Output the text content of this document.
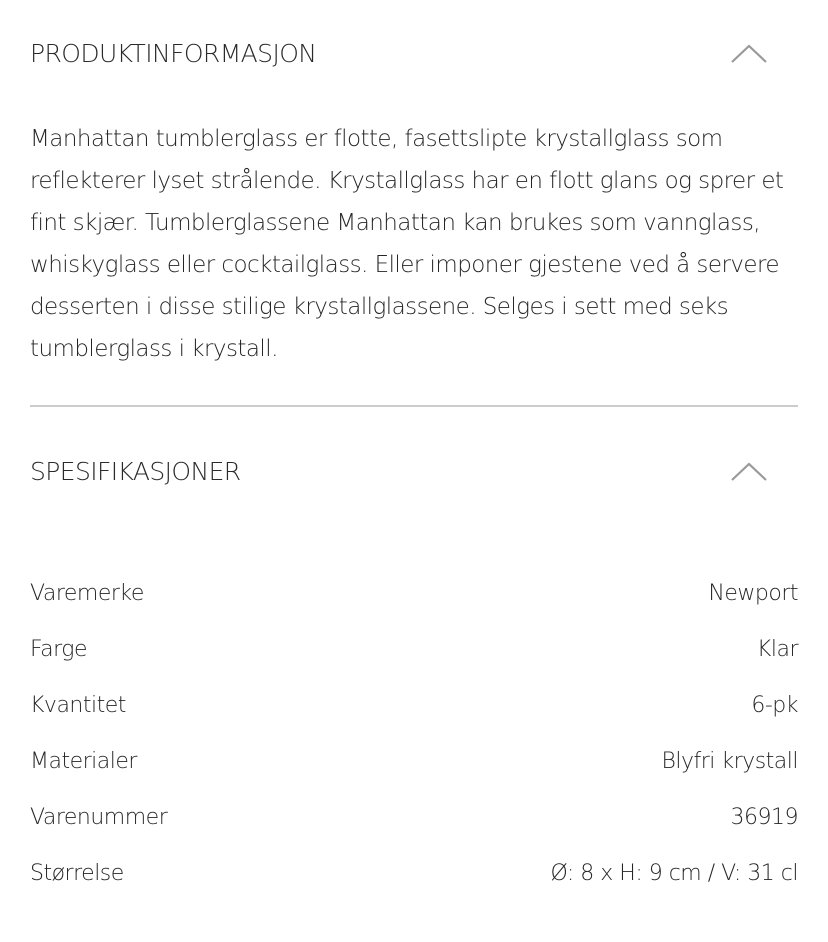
PRODUKTINFORMASJON

Manhattan tumblerglass er flotte, fasettslipte krystallglass som reflekterer lyset strålende. Krystallglass har en flott glans og sprer et fint skjær. Tumblerglassene Manhattan kan brukes som vannglass, whiskyglass eller cocktailglass. Eller imponer gjestene ved å servere desserten i disse stilige krystallglassene. Selges i sett med seks tumblerglass i krystall.

SPESIFIKASJONER
Varemerke	Newport
Farge	Klar
Kvantitet	6-pk
Materialer	Blyfri krystall
Varenummer	36919
Størrelse	Ø: 8 x H: 9 cm / V: 31 cl
